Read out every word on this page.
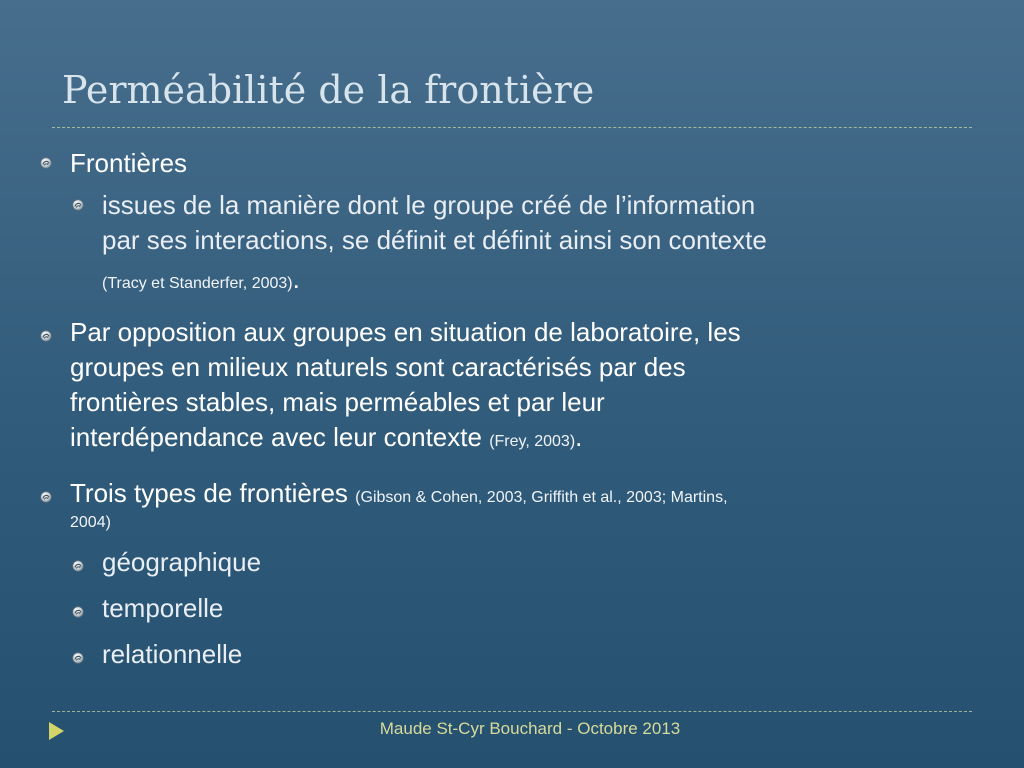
Perméabilité de la frontière
Frontières
issues de la manière dont le groupe créé de l’information
par ses interactions, se définit et définit ainsi son contexte
(Tracy et Standerfer, 2003).
Par opposition aux groupes en situation de laboratoire, les
groupes en milieux naturels sont caractérisés par des
frontières stables, mais perméables et par leur
interdépendance avec leur contexte (Frey, 2003).
Trois types de frontières (Gibson & Cohen, 2003, Griffith et al., 2003; Martins,
2004)
géographique
temporelle
relationnelle
Maude St-Cyr Bouchard - Octobre 2013
